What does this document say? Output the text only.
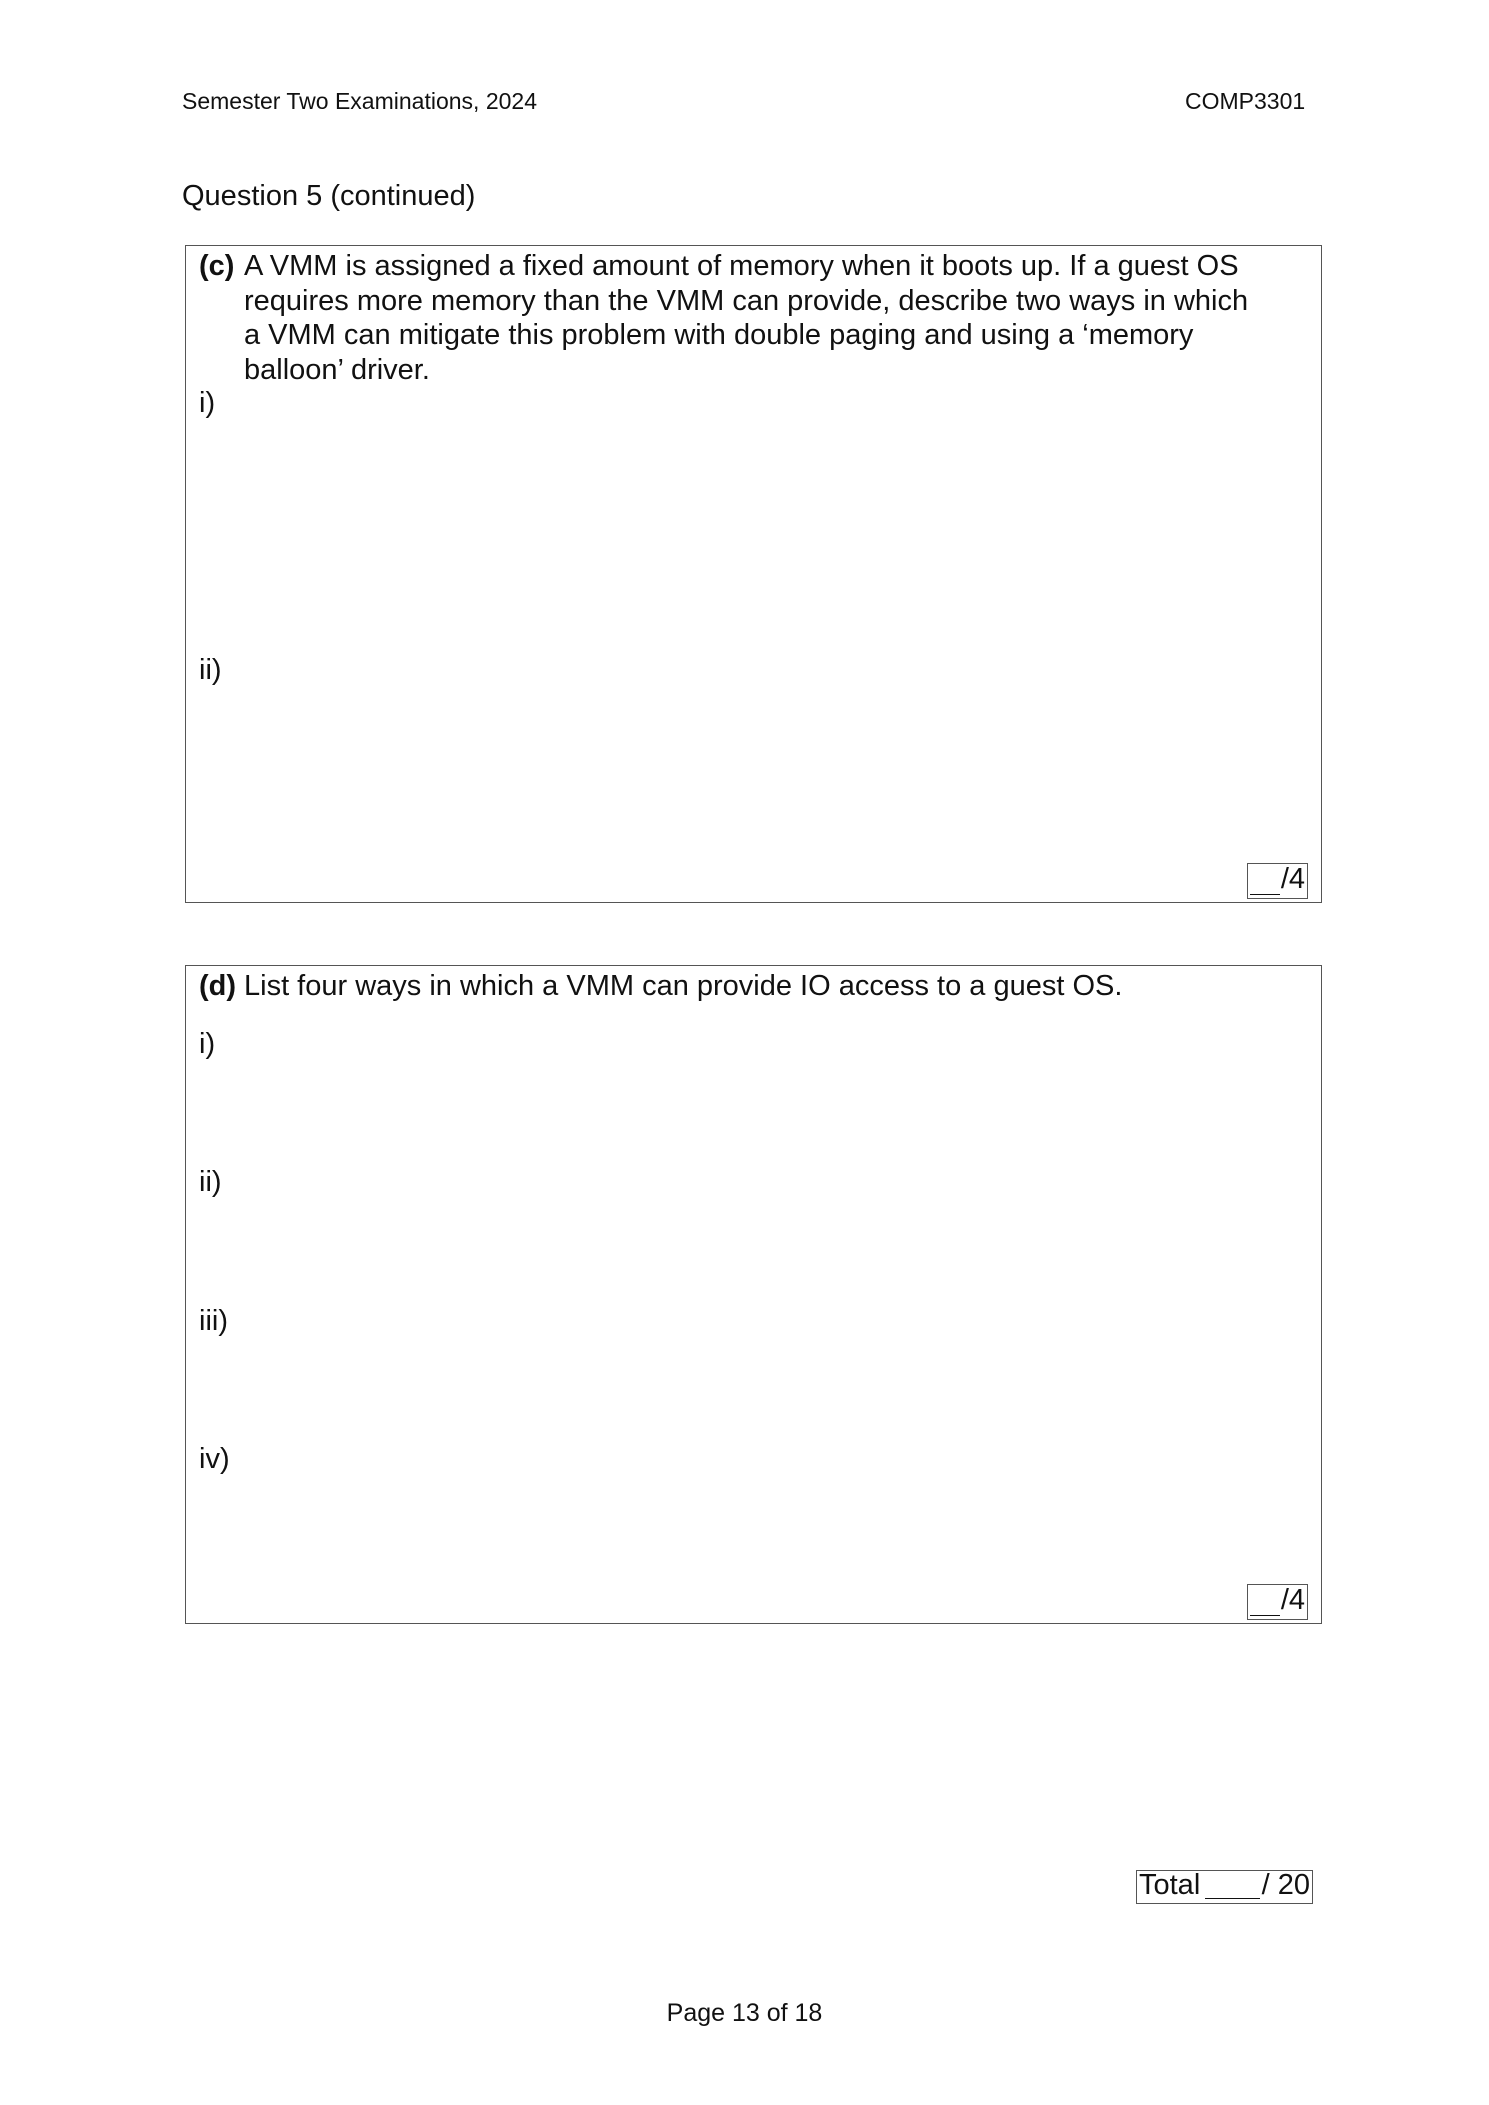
Semester Two Examinations, 2024	COMP3301
Question 5 (continued)
(c) A VMM is assigned a fixed amount of memory when it boots up. If a guest OS
requires more memory than the VMM can provide, describe two ways in which
a VMM can mitigate this problem with double paging and using a ‘memory
balloon’ driver.
i)
ii)
/4
(d) List four ways in which a VMM can provide IO access to a guest OS.
i)
ii)
iii)
iv)
/4
Total / 20
Page 13 of 18
